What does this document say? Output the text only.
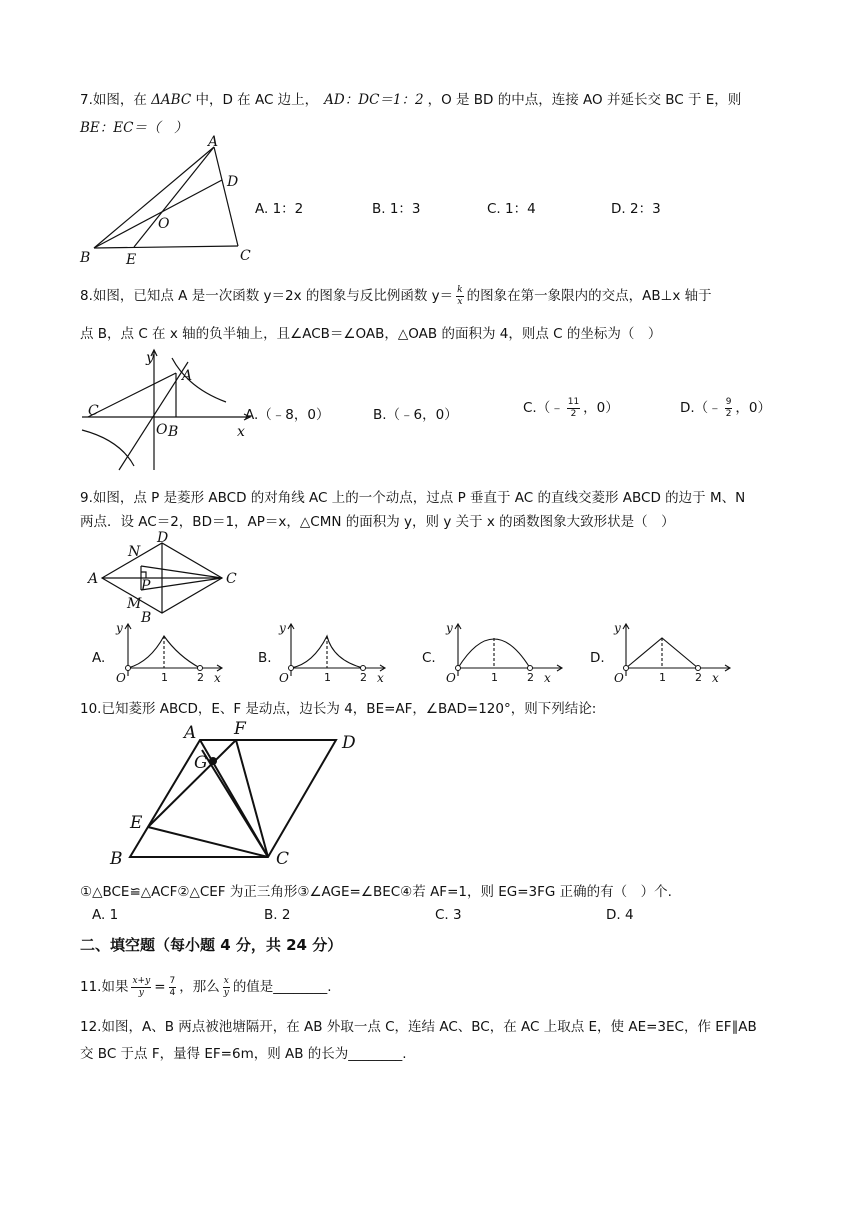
7.如图，在 ΔABC 中，D 在 AC 边上， AD：DC＝1：2 ，O 是 BD 的中点，连接 AO 并延长交 BC 于 E，则
BE：EC＝（　）
A
B	C
D
O
E
A. 1：2	B. 1：3	C. 1：4	D. 2：3
8.如图，已知点 A 是一次函数 y＝2x 的图象与反比例函数 $y= \frac{k}{x}$ 的图象在第一象限内的交点，AB⊥x 轴于
点 B，点 C 在 x 轴的负半轴上，且∠ACB＝∠OAB，△OAB 的面积为 4，则点 C 的坐标为（　）
y
x
A
B
C
O
A.（﹣8，0）	B.（﹣6，0）	C.（﹣ $\frac{11}{2}$ ，0）	D.（﹣ $\frac{9}{2}$ ，0）
9.如图，点 P 是菱形 ABCD 的对角线 AC 上的一个动点，过点 P 垂直于 AC 的直线交菱形 ABCD 的边于 M、N
两点．设 AC＝2，BD＝1，AP＝x，△CMN 的面积为 y，则 y 关于 x 的函数图象大致形状是（　）
A	C
D
B
N
M
P
A.
y
O	1	2 x
B.
y
O	1	2 x
C.
y
O	1	2 x
D.
y
O	1	2 x
10.已知菱形 ABCD，E、F 是动点，边长为 4，BE=AF，∠BAD=120°，则下列结论:
A F
D
G
E
B	C
①△BCE≌△ACF②△CEF 为正三角形③∠AGE=∠BEC④若 AF=1，则 EG=3FG 正确的有（　）个.
A. 1	B. 2	C. 3	D. 4
二、填空题（每小题 4 分，共 24 分）
11.如果 $\frac{x+y}{y} = \frac{7}{4}$ ，那么 $\frac{x}{y}$ 的值是________.
12.如图，A、B 两点被池塘隔开，在 AB 外取一点 C，连结 AC、BC，在 AC 上取点 E，使 AE=3EC，作 EF∥AB
交 BC 于点 F，量得 EF=6m，则 AB 的长为________.
